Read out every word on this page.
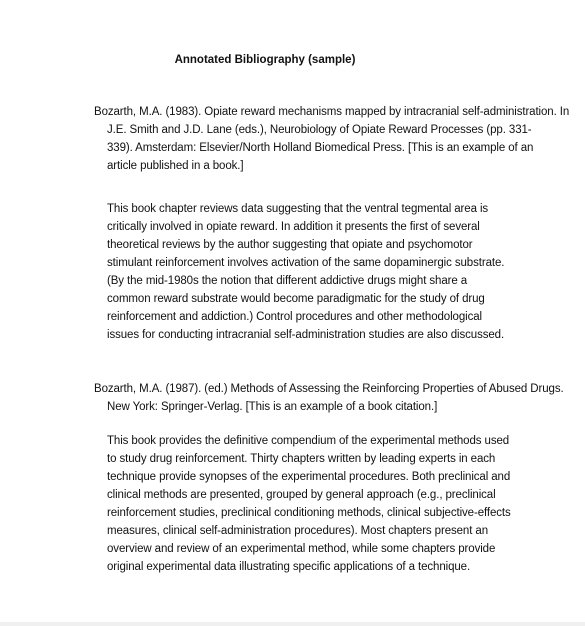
Annotated Bibliography (sample)
Bozarth, M.A. (1983). Opiate reward mechanisms mapped by intracranial self-administration. In
J.E. Smith and J.D. Lane (eds.), Neurobiology of Opiate Reward Processes (pp. 331-
339). Amsterdam: Elsevier/North Holland Biomedical Press. [This is an example of an
article published in a book.]
This book chapter reviews data suggesting that the ventral tegmental area is
critically involved in opiate reward. In addition it presents the first of several
theoretical reviews by the author suggesting that opiate and psychomotor
stimulant reinforcement involves activation of the same dopaminergic substrate.
(By the mid-1980s the notion that different addictive drugs might share a
common reward substrate would become paradigmatic for the study of drug
reinforcement and addiction.) Control procedures and other methodological
issues for conducting intracranial self-administration studies are also discussed.
Bozarth, M.A. (1987). (ed.) Methods of Assessing the Reinforcing Properties of Abused Drugs.
New York: Springer-Verlag. [This is an example of a book citation.]
This book provides the definitive compendium of the experimental methods used
to study drug reinforcement. Thirty chapters written by leading experts in each
technique provide synopses of the experimental procedures. Both preclinical and
clinical methods are presented, grouped by general approach (e.g., preclinical
reinforcement studies, preclinical conditioning methods, clinical subjective-effects
measures, clinical self-administration procedures). Most chapters present an
overview and review of an experimental method, while some chapters provide
original experimental data illustrating specific applications of a technique.
